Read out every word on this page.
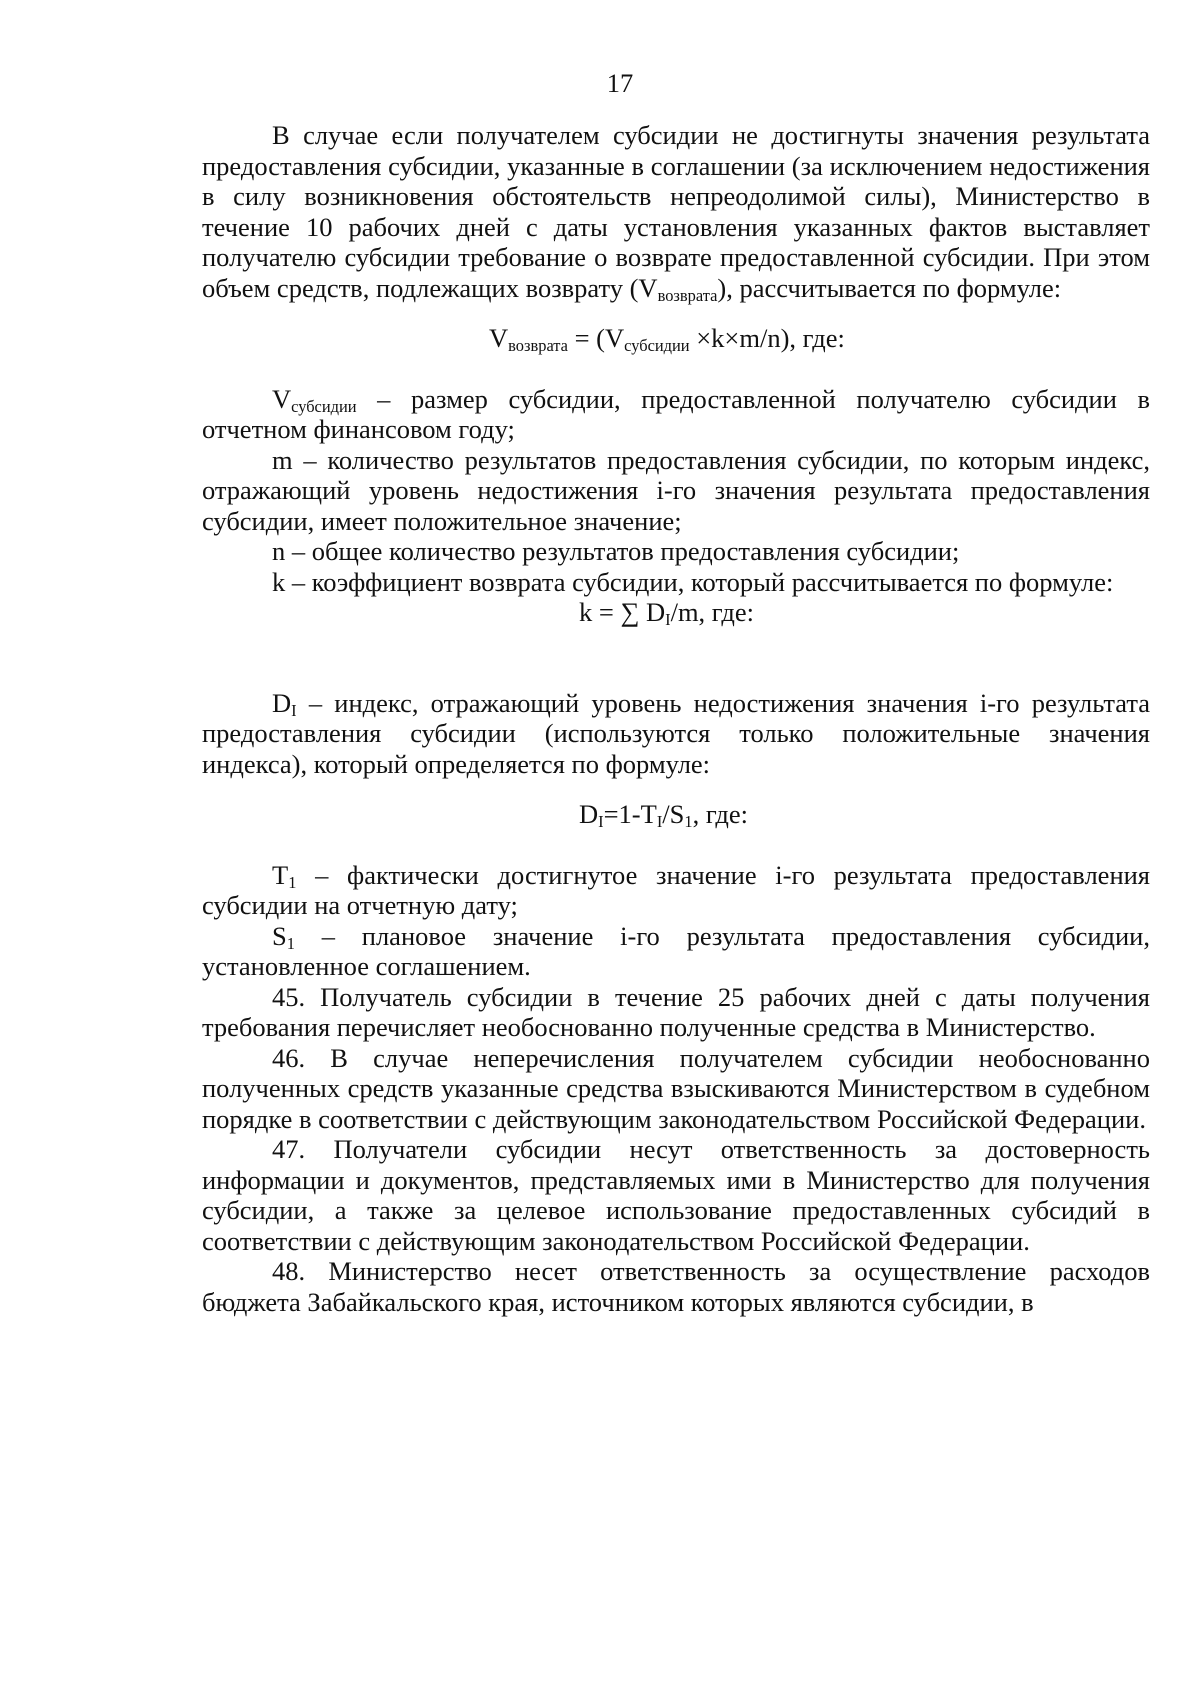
17

В случае если получателем субсидии не достигнуты значения результата предоставления субсидии, указанные в соглашении (за исключением недостижения в силу возникновения обстоятельств непреодолимой силы), Министерство в течение 10 рабочих дней с даты установления указанных фактов выставляет получателю субсидии требование о возврате предоставленной субсидии. При этом объем средств, подлежащих возврату $(V_{возврата})$, рассчитывается по формуле:

$V_{возврата} = (V_{субсидии} \times k\times m/n)$, где:

$V_{субсидии}$ – размер субсидии, предоставленной получателю субсидии в отчетном финансовом году;

m – количество результатов предоставления субсидии, по которым индекс, отражающий уровень недостижения i-го значения результата предоставления субсидии, имеет положительное значение;

n – общее количество результатов предоставления субсидии;

k – коэффициент возврата субсидии, который рассчитывается по формуле:

k = ∑ $D_I/m$, где:

$D_I$ – индекс, отражающий уровень недостижения значения i-го результата предоставления субсидии (используются только положительные значения индекса), который определяется по формуле:

$D_I=1-T_I/S_1$, где:

$T_1$ – фактически достигнутое значение i-го результата предоставления субсидии на отчетную дату;

$S_1$ – плановое значение i-го результата предоставления субсидии, установленное соглашением.

45. Получатель субсидии в течение 25 рабочих дней с даты получения требования перечисляет необоснованно полученные средства в Министерство.

46. В случае неперечисления получателем субсидии необоснованно полученных средств указанные средства взыскиваются Министерством в судебном порядке в соответствии с действующим законодательством Российской Федерации.

47. Получатели субсидии несут ответственность за достоверность информации и документов, представляемых ими в Министерство для получения субсидии, а также за целевое использование предоставленных субсидий в соответствии с действующим законодательством Российской Федерации.

48. Министерство несет ответственность за осуществление расходов бюджета Забайкальского края, источником которых являются субсидии, в
